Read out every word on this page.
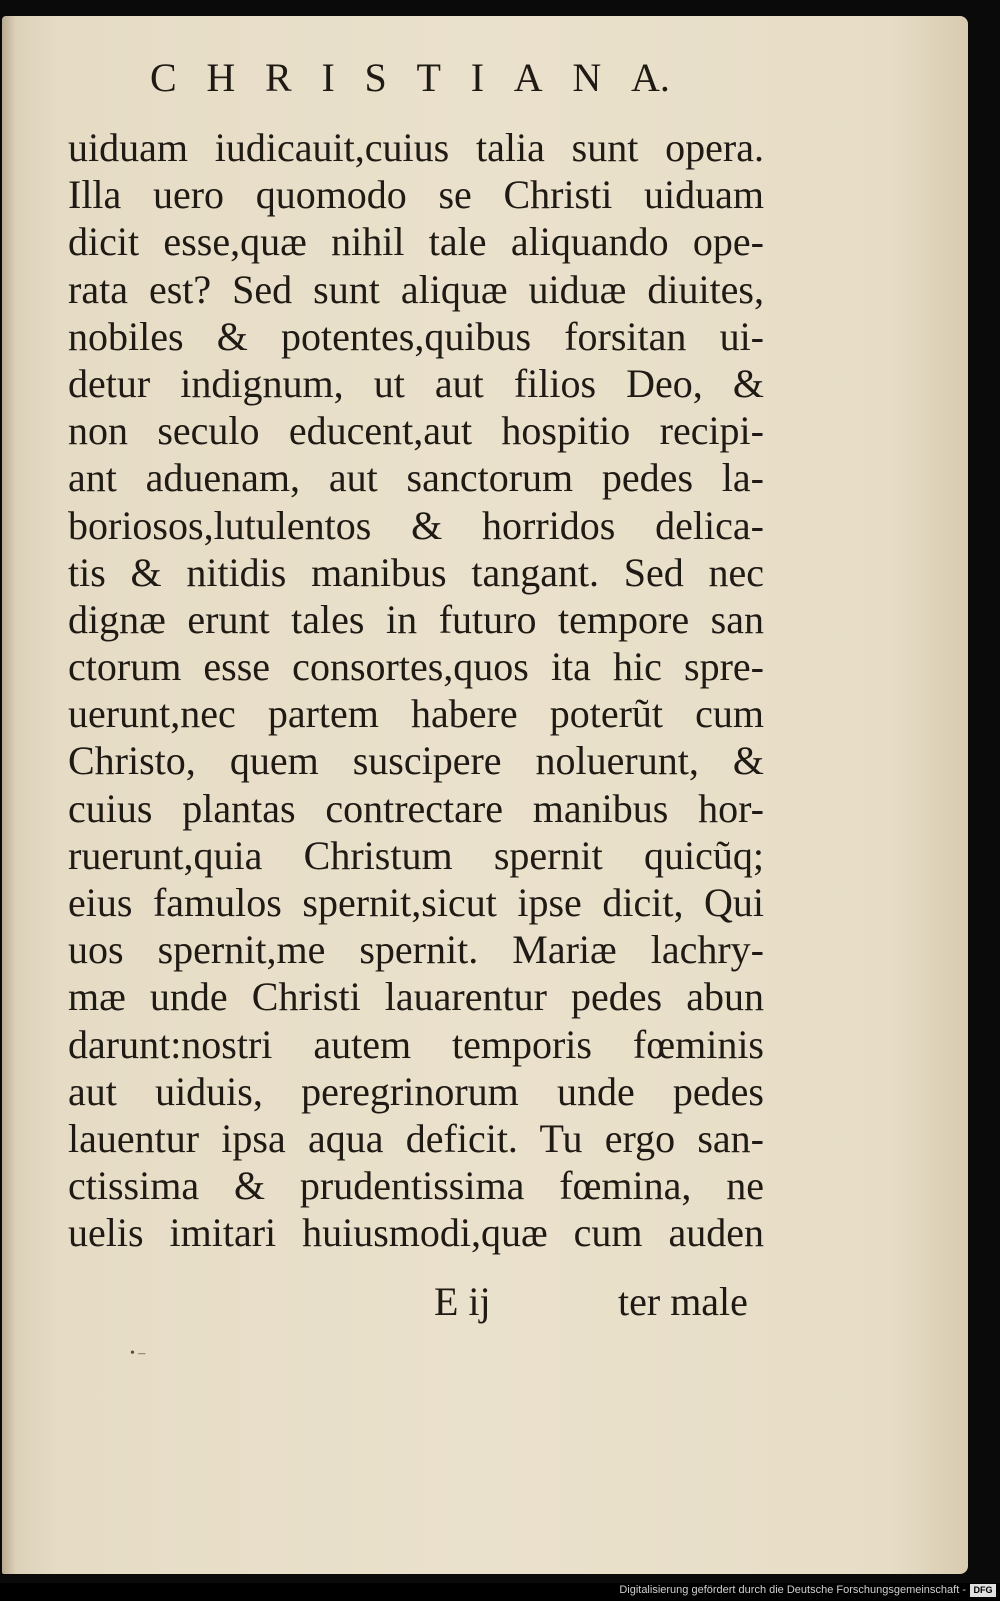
C H R I S T I A N A.
uiduam iudicauit,cuius talia sunt opera.
Illa uero quomodo se Christi uiduam
dicit esse,quæ nihil tale aliquando ope-
rata est? Sed sunt aliquæ uiduæ diuites,
nobiles & potentes,quibus forsitan ui-
detur indignum, ut aut filios Deo, &
non seculo educent,aut hospitio recipi-
ant aduenam, aut sanctorum pedes la-
boriosos,lutulentos & horridos delica-
tis & nitidis manibus tangant. Sed nec
dignæ erunt tales in futuro tempore san
ctorum esse consortes,quos ita hic spre-
uerunt,nec partem habere poterũt cum
Christo, quem suscipere noluerunt, &
cuius plantas contrectare manibus hor-
ruerunt,quia Christum spernit quicũq;
eius famulos spernit,sicut ipse dicit, Qui
uos spernit,me spernit. Mariæ lachry-
mæ unde Christi lauarentur pedes abun
darunt:nostri autem temporis fœminis
aut uiduis, peregrinorum unde pedes
lauentur ipsa aqua deficit. Tu ergo san-
ctissima & prudentissima fœmina, ne
uelis imitari huiusmodi,quæ cum auden
E ij	ter male
• –
Digitalisierung gefördert durch die Deutsche Forschungsgemeinschaft - DFG
